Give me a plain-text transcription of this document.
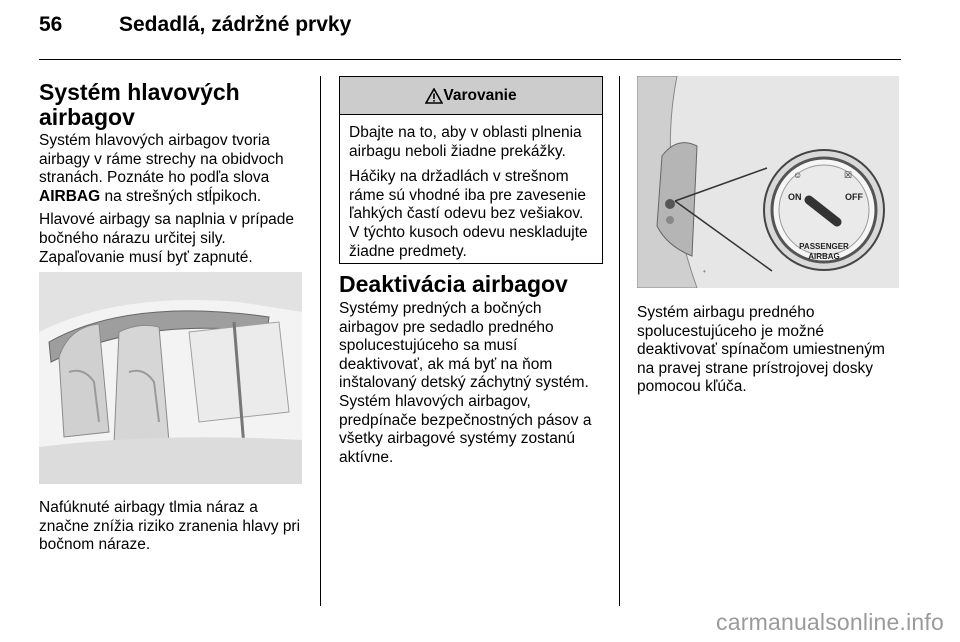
56	Sedadlá, zádržné prvky
Systém hlavových airbagov

Systém hlavových airbagov tvoria airbagy v ráme strechy na obidvoch stranách. Poznáte ho podľa slova AIRBAG na strešných stĺpikoch.

Hlavové airbagy sa naplnia v prípade bočného nárazu určitej sily.

Zapaľovanie musí byť zapnuté.

Nafúknuté airbagy tlmia náraz a značne znížia riziko zranenia hlavy pri bočnom náraze.

Varovanie

Dbajte na to, aby v oblasti plnenia airbagu neboli žiadne prekážky.

Háčiky na držadlách v strešnom ráme sú vhodné iba pre zavesenie ľahkých častí odevu bez vešiakov. V týchto kusoch odevu neskladujte žiadne predmety.

Deaktivácia airbagov

Systémy predných a bočných airbagov pre sedadlo predného spolucestujúceho sa musí deaktivovať, ak má byť na ňom inštalovaný detský záchytný systém. Systém hlavových airbagov, predpínače bezpečnostných pásov a všetky airbagové systémy zostanú aktívne.

☺	☒
ON	OFF
PASSENGER
AIRBAG
•

Systém airbagu predného spolucestujúceho je možné deaktivovať spínačom umiestneným na pravej strane prístrojovej dosky pomocou kľúča.

carmanualsonline.info
